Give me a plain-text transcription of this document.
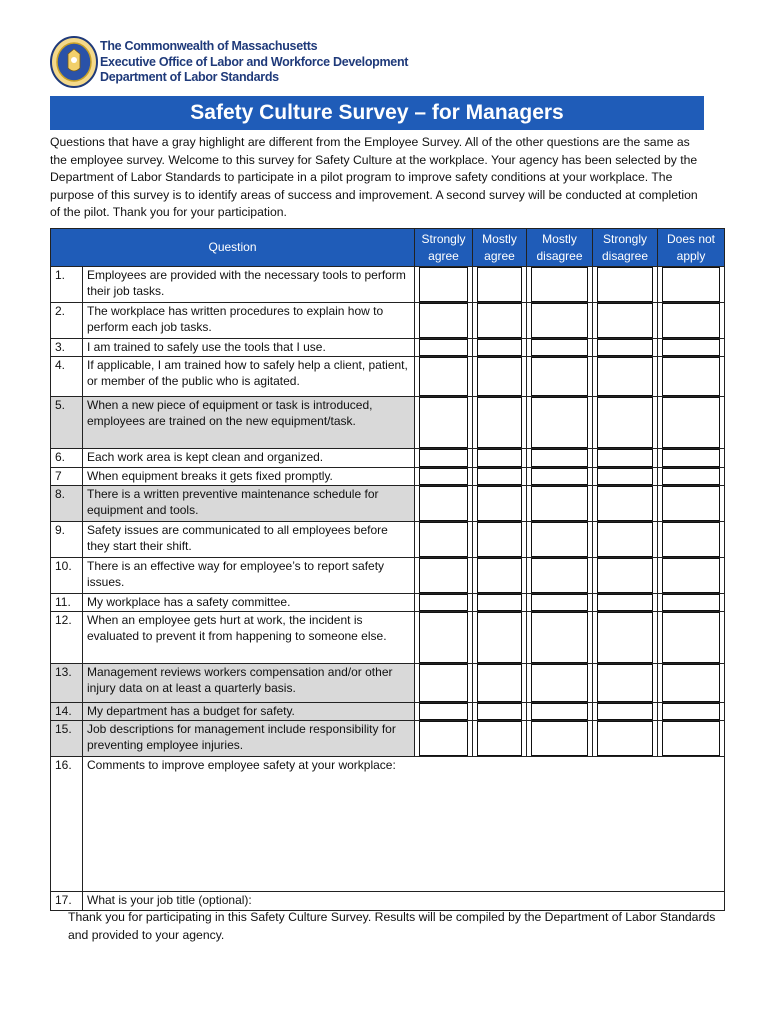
The Commonwealth of Massachusetts
Executive Office of Labor and Workforce Development
Department of Labor Standards
Safety Culture Survey – for Managers
Questions that have a gray highlight are different from the Employee Survey. All of the other questions are the same as the employee survey. Welcome to this survey for Safety Culture at the workplace. Your agency has been selected by the Department of Labor Standards to participate in a pilot program to improve safety conditions at your workplace. The purpose of this survey is to identify areas of success and improvement. A second survey will be conducted at completion of the pilot. Thank you for your participation.
Question		Strongly agree	Mostly agree	Mostly disagree	Strongly disagree	Does not apply
1.	Employees are provided with the necessary tools to perform their job tasks.	

2.	The workplace has written procedures to explain how to perform each job tasks.	

3.	I am trained to safely use the tools that I use.	

4.	If applicable, I am trained how to safely help a client, patient, or member of the public who is agitated.	

5.	When a new piece of equipment or task is introduced, employees are trained on the new equipment/task.	

6.	Each work area is kept clean and organized.	

7	When equipment breaks it gets fixed promptly.	

8.	There is a written preventive maintenance schedule for equipment and tools.	

9.	Safety issues are communicated to all employees before they start their shift.	

10.	There is an effective way for employee’s to report safety issues.	

11.	My workplace has a safety committee.	

12.	When an employee gets hurt at work, the incident is evaluated to prevent it from happening to someone else.	

13.	Management reviews workers compensation and/or other injury data on at least a quarterly basis.	

14.	My department has a budget for safety.	

15.	Job descriptions for management include responsibility for preventing employee injuries.	

16.	Comments to improve employee safety at your workplace:					
17.	What is your job title (optional):					
Thank you for participating in this Safety Culture Survey. Results will be compiled by the Department of Labor Standards and provided to your agency.
